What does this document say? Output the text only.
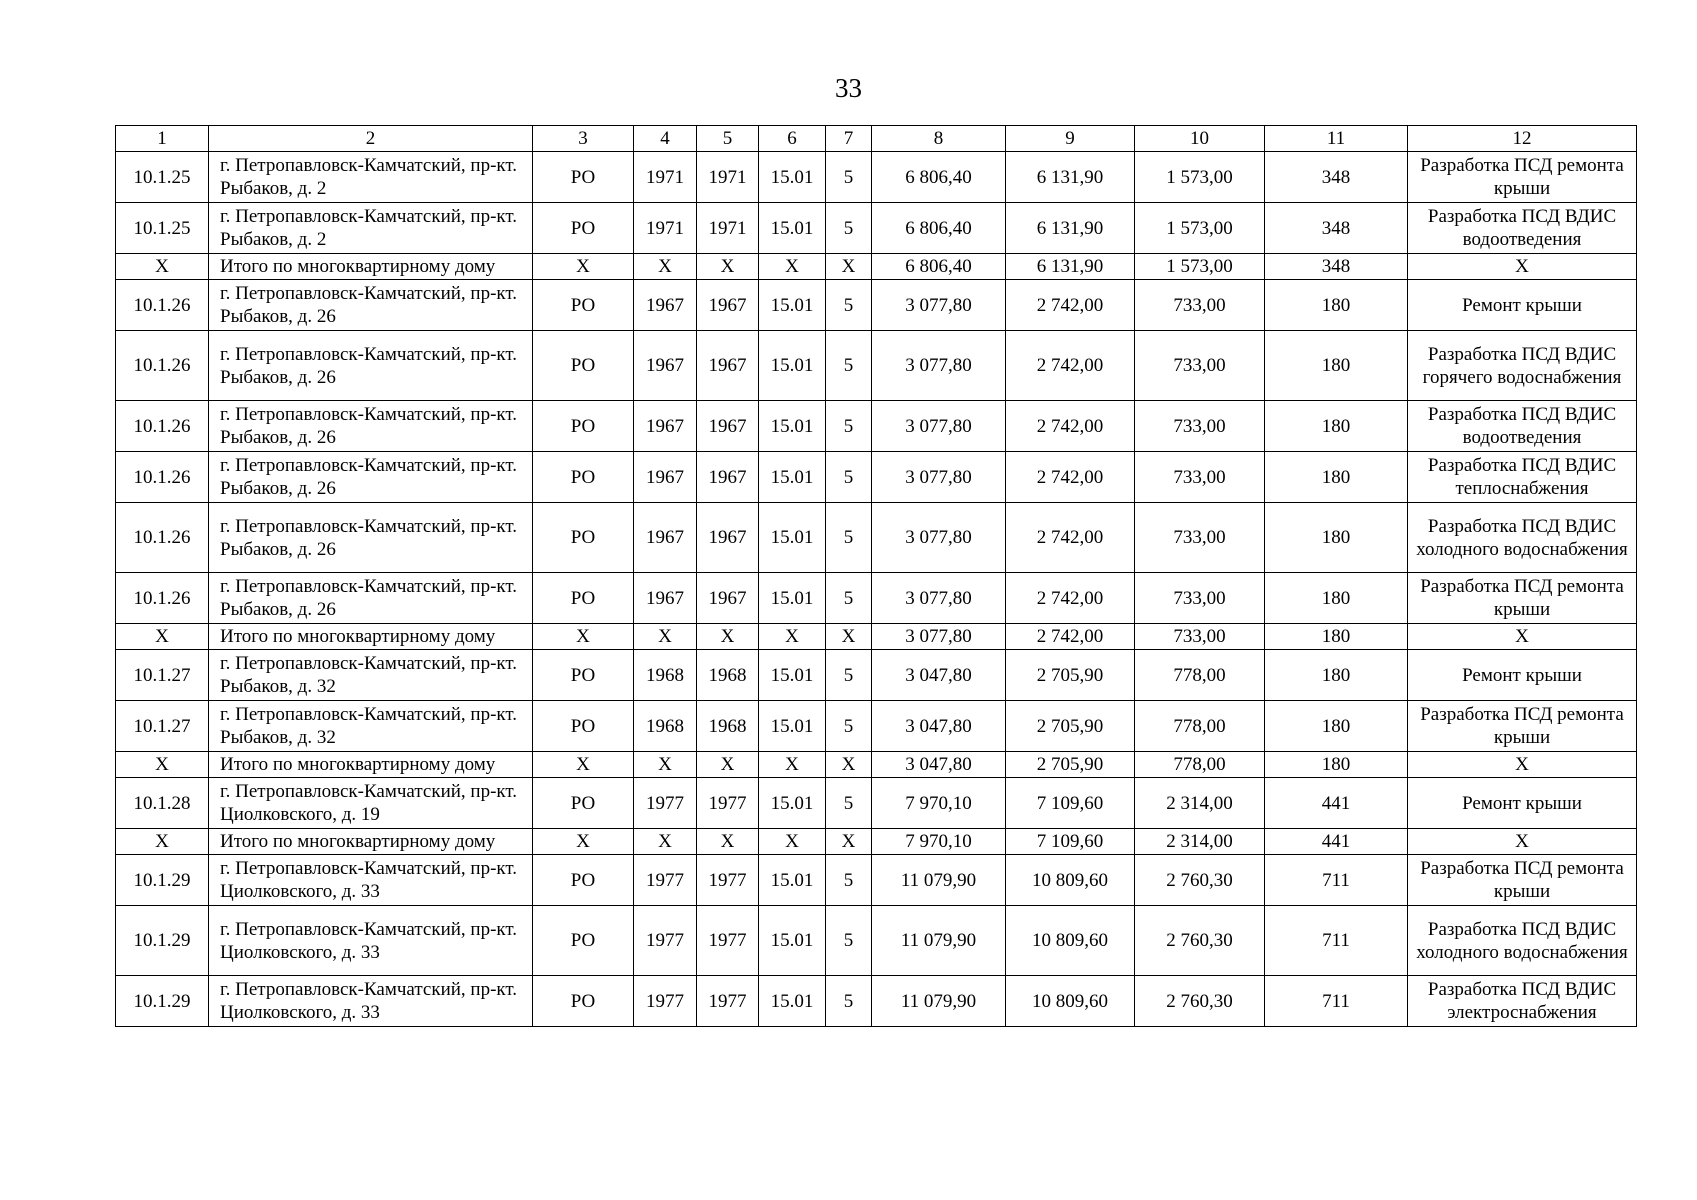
33
1	2	3	4	5	6	7	8	9	10	11	12
10.1.25	г. Петропавловск-Камчатский, пр-кт. Рыбаков, д. 2	РО	1971	1971	15.01	5	6 806,40	6 131,90	1 573,00	348	Разработка ПСД ремонта крыши
10.1.25	г. Петропавловск-Камчатский, пр-кт. Рыбаков, д. 2	РО	1971	1971	15.01	5	6 806,40	6 131,90	1 573,00	348	Разработка ПСД ВДИС водоотведения
X	Итого по многоквартирному дому	X	X	X	X	X	6 806,40	6 131,90	1 573,00	348	X
10.1.26	г. Петропавловск-Камчатский, пр-кт. Рыбаков, д. 26	РО	1967	1967	15.01	5	3 077,80	2 742,00	733,00	180	Ремонт крыши
10.1.26	г. Петропавловск-Камчатский, пр-кт. Рыбаков, д. 26	РО	1967	1967	15.01	5	3 077,80	2 742,00	733,00	180	Разработка ПСД ВДИС горячего водоснабжения
10.1.26	г. Петропавловск-Камчатский, пр-кт. Рыбаков, д. 26	РО	1967	1967	15.01	5	3 077,80	2 742,00	733,00	180	Разработка ПСД ВДИС водоотведения
10.1.26	г. Петропавловск-Камчатский, пр-кт. Рыбаков, д. 26	РО	1967	1967	15.01	5	3 077,80	2 742,00	733,00	180	Разработка ПСД ВДИС теплоснабжения
10.1.26	г. Петропавловск-Камчатский, пр-кт. Рыбаков, д. 26	РО	1967	1967	15.01	5	3 077,80	2 742,00	733,00	180	Разработка ПСД ВДИС холодного водоснабжения
10.1.26	г. Петропавловск-Камчатский, пр-кт. Рыбаков, д. 26	РО	1967	1967	15.01	5	3 077,80	2 742,00	733,00	180	Разработка ПСД ремонта крыши
X	Итого по многоквартирному дому	X	X	X	X	X	3 077,80	2 742,00	733,00	180	X
10.1.27	г. Петропавловск-Камчатский, пр-кт. Рыбаков, д. 32	РО	1968	1968	15.01	5	3 047,80	2 705,90	778,00	180	Ремонт крыши
10.1.27	г. Петропавловск-Камчатский, пр-кт. Рыбаков, д. 32	РО	1968	1968	15.01	5	3 047,80	2 705,90	778,00	180	Разработка ПСД ремонта крыши
X	Итого по многоквартирному дому	X	X	X	X	X	3 047,80	2 705,90	778,00	180	X
10.1.28	г. Петропавловск-Камчатский, пр-кт. Циолковского, д. 19	РО	1977	1977	15.01	5	7 970,10	7 109,60	2 314,00	441	Ремонт крыши
X	Итого по многоквартирному дому	X	X	X	X	X	7 970,10	7 109,60	2 314,00	441	X
10.1.29	г. Петропавловск-Камчатский, пр-кт. Циолковского, д. 33	РО	1977	1977	15.01	5	11 079,90	10 809,60	2 760,30	711	Разработка ПСД ремонта крыши
10.1.29	г. Петропавловск-Камчатский, пр-кт. Циолковского, д. 33	РО	1977	1977	15.01	5	11 079,90	10 809,60	2 760,30	711	Разработка ПСД ВДИС холодного водоснабжения
10.1.29	г. Петропавловск-Камчатский, пр-кт. Циолковского, д. 33	РО	1977	1977	15.01	5	11 079,90	10 809,60	2 760,30	711	Разработка ПСД ВДИС электроснабжения
